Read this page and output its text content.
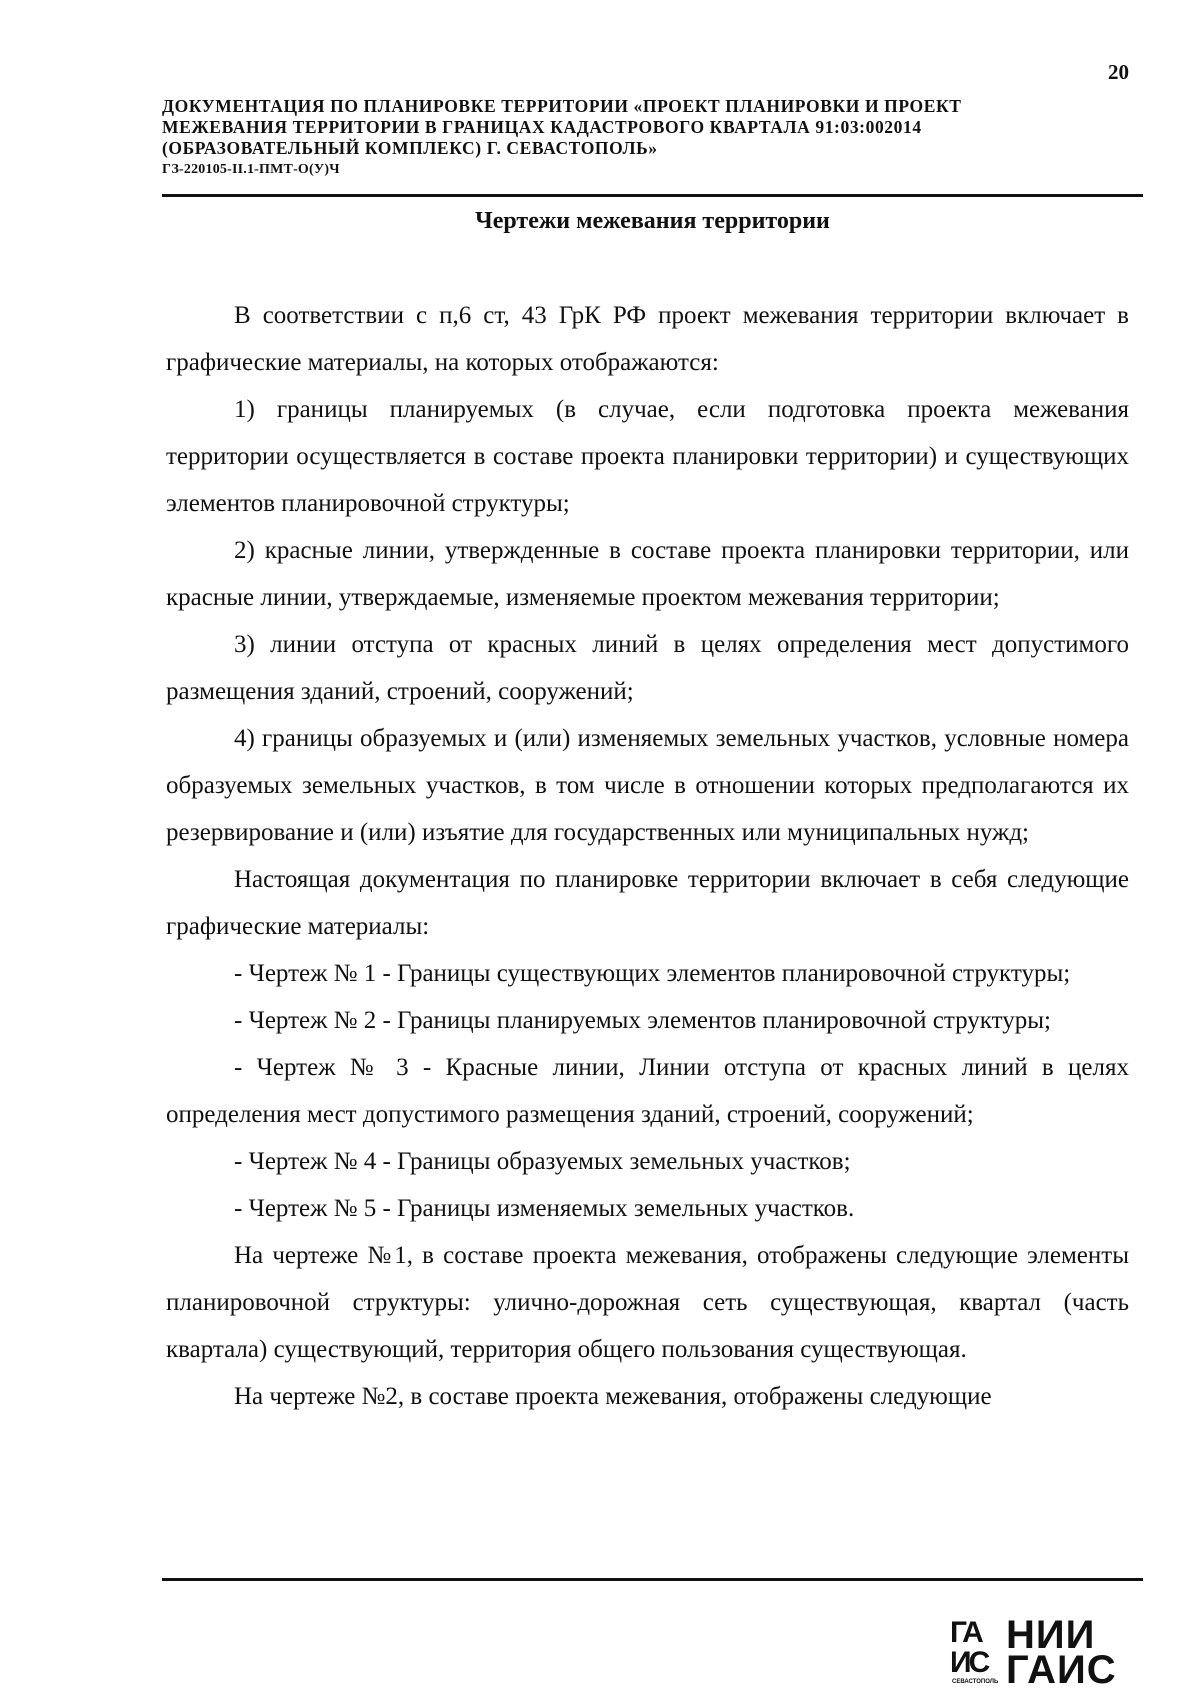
20
ДОКУМЕНТАЦИЯ ПО ПЛАНИРОВКЕ ТЕРРИТОРИИ «ПРОЕКТ ПЛАНИРОВКИ И ПРОЕКТ
МЕЖЕВАНИЯ ТЕРРИТОРИИ В ГРАНИЦАХ КАДАСТРОВОГО КВАРТАЛА 91:03:002014
(ОБРАЗОВАТЕЛЬНЫЙ КОМПЛЕКС) Г. СЕВАСТОПОЛЬ»
ГЗ-220105-II.1-ПМТ-О(У)Ч
Чертежи межевания территории

В соответствии с п,6 ст, 43 ГрК РФ проект межевания территории включает в графические материалы, на которых отображаются:

1) границы планируемых (в случае, если подготовка проекта межевания территории осуществляется в составе проекта планировки территории) и существующих элементов планировочной структуры;

2) красные линии, утвержденные в составе проекта планировки территории, или красные линии, утверждаемые, изменяемые проектом межевания территории;

3) линии отступа от красных линий в целях определения мест допустимого размещения зданий, строений, сооружений;

4) границы образуемых и (или) изменяемых земельных участков, условные номера образуемых земельных участков, в том числе в отношении которых предполагаются их резервирование и (или) изъятие для государственных или муниципальных нужд;

Настоящая документация по планировке территории включает в себя следующие графические материалы:

- Чертеж № 1 - Границы существующих элементов планировочной структуры;

- Чертеж № 2 - Границы планируемых элементов планировочной структуры;

- Чертеж № 3 - Красные линии, Линии отступа от красных линий в целях определения мест допустимого размещения зданий, строений, сооружений;

- Чертеж № 4 - Границы образуемых земельных участков;

- Чертеж № 5 - Границы изменяемых земельных участков.

На чертеже №1, в составе проекта межевания, отображены следующие элементы планировочной структуры: улично-дорожная сеть существующая, квартал (часть квартала) существующий, территория общего пользования существующая.

На чертеже №2, в составе проекта межевания, отображены следующие

ГА
ИС
СЕВАСТОПОЛЬ
НИИ
ГАИС
